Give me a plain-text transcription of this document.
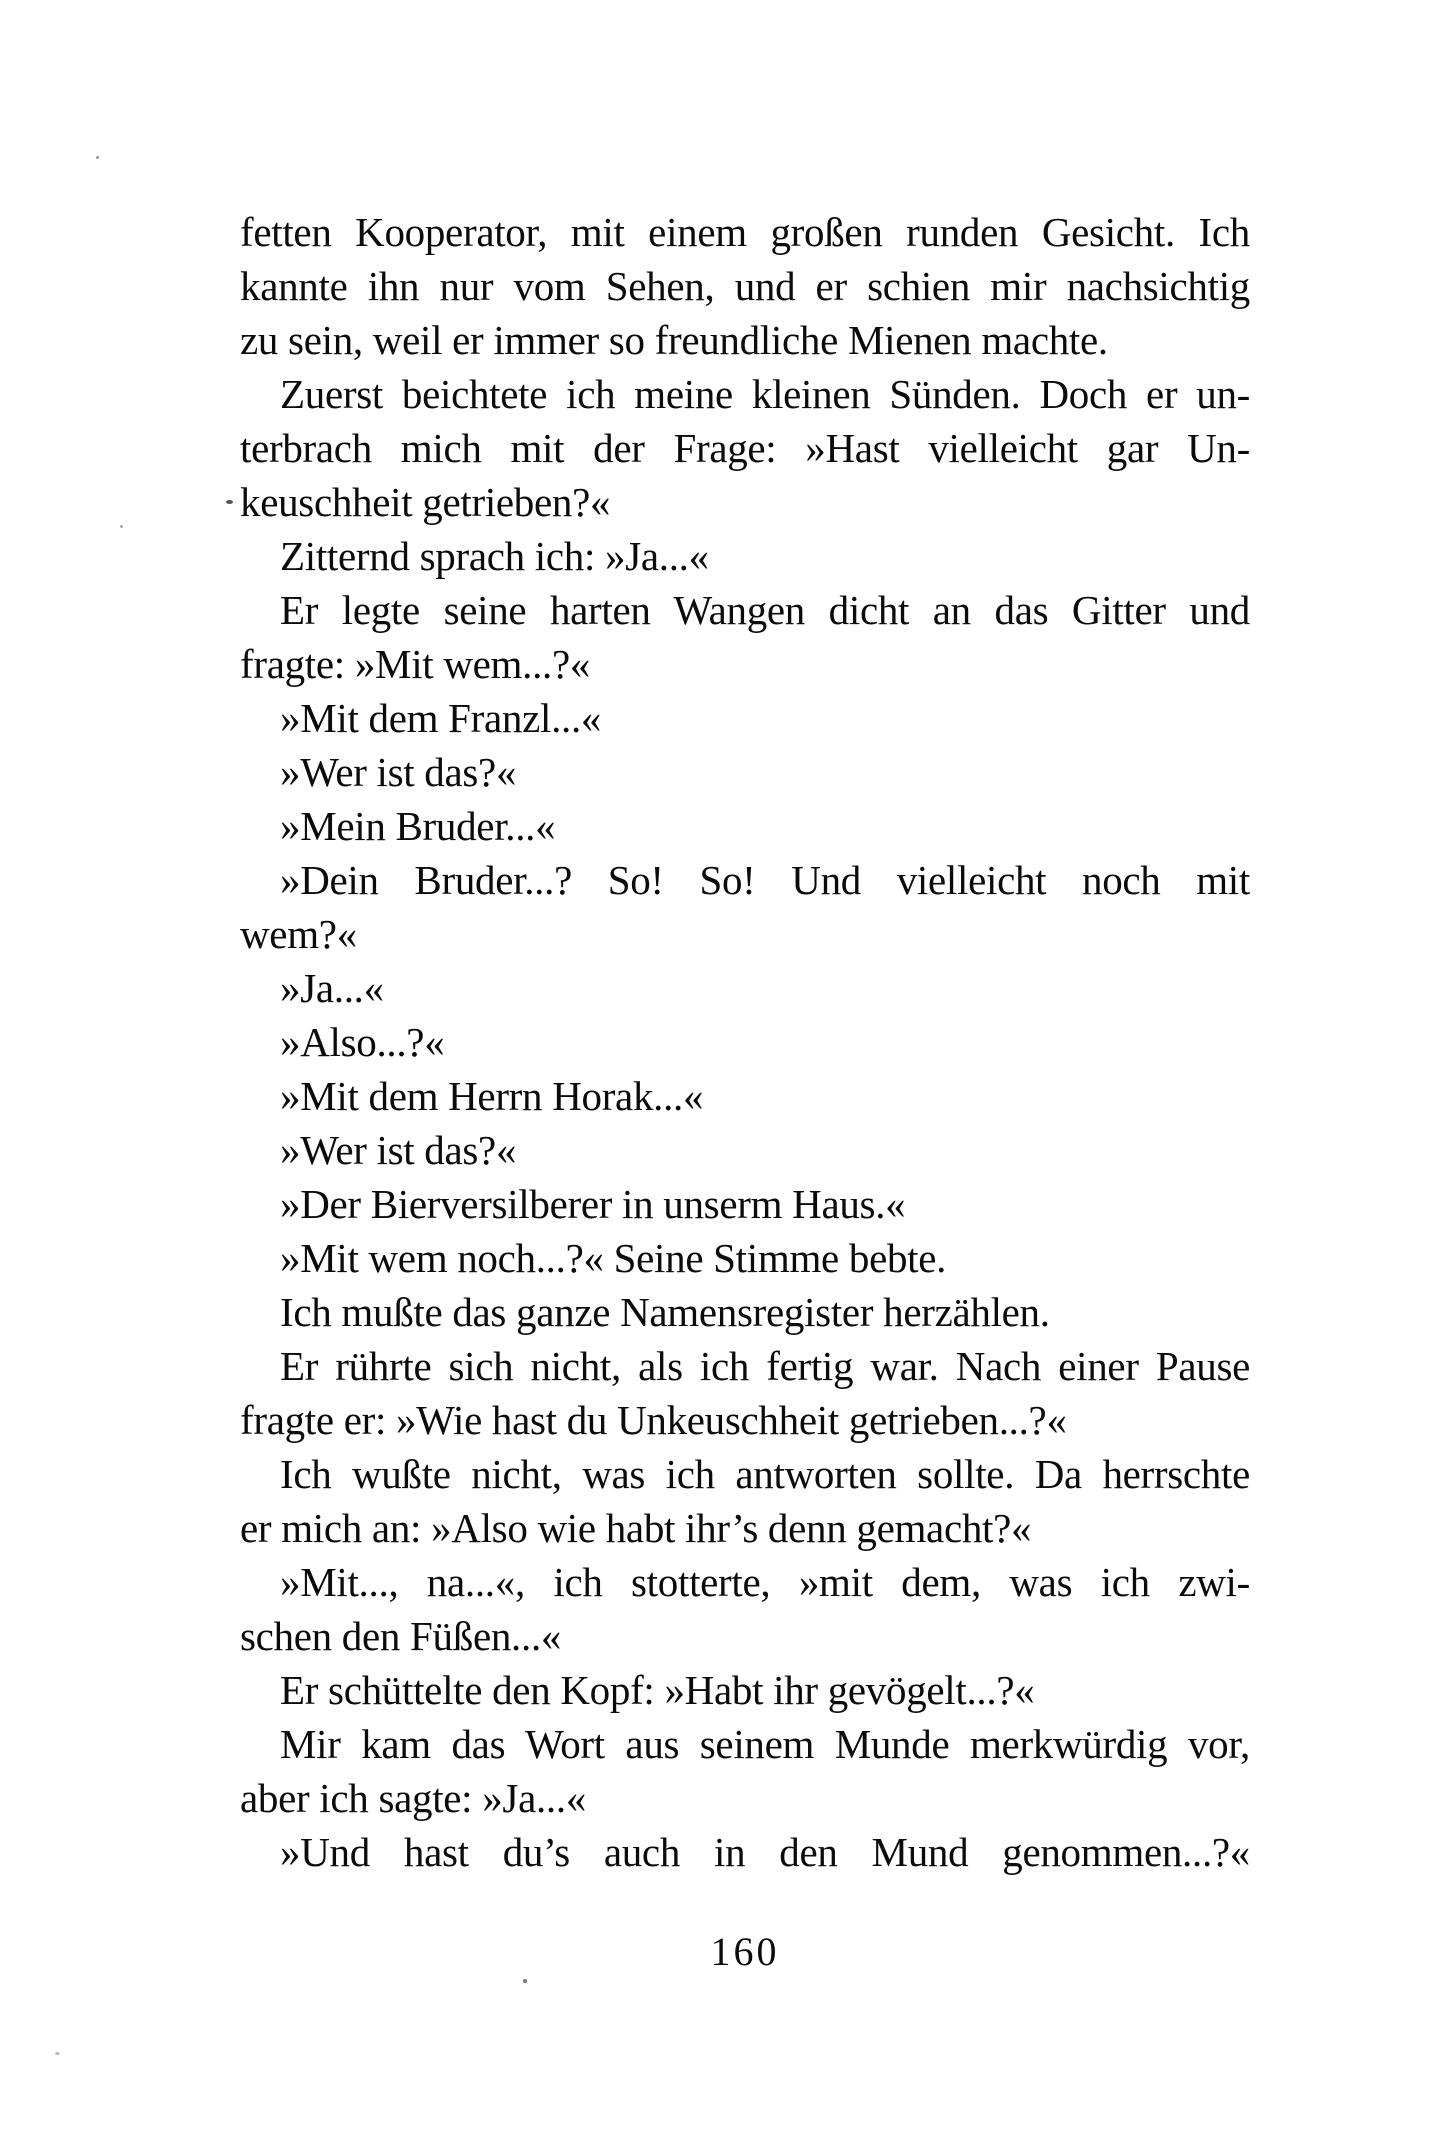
fetten Kooperator, mit einem großen runden Gesicht. Ich
kannte ihn nur vom Sehen, und er schien mir nachsichtig
zu sein, weil er immer so freundliche Mienen machte.
Zuerst beichtete ich meine kleinen Sünden. Doch er un-
terbrach mich mit der Frage: »Hast vielleicht gar Un-
keuschheit getrieben?«
Zitternd sprach ich: »Ja...«
Er legte seine harten Wangen dicht an das Gitter und
fragte: »Mit wem...?«
»Mit dem Franzl...«
»Wer ist das?«
»Mein Bruder...«
»Dein Bruder...? So! So! Und vielleicht noch mit
wem?«
»Ja...«
»Also...?«
»Mit dem Herrn Horak...«
»Wer ist das?«
»Der Bierversilberer in unserm Haus.«
»Mit wem noch...?« Seine Stimme bebte.
Ich mußte das ganze Namensregister herzählen.
Er rührte sich nicht, als ich fertig war. Nach einer Pause
fragte er: »Wie hast du Unkeuschheit getrieben...?«
Ich wußte nicht, was ich antworten sollte. Da herrschte
er mich an: »Also wie habt ihr’s denn gemacht?«
»Mit..., na...«, ich stotterte, »mit dem, was ich zwi-
schen den Füßen...«
Er schüttelte den Kopf: »Habt ihr gevögelt...?«
Mir kam das Wort aus seinem Munde merkwürdig vor,
aber ich sagte: »Ja...«
»Und hast du’s auch in den Mund genommen...?«
160
